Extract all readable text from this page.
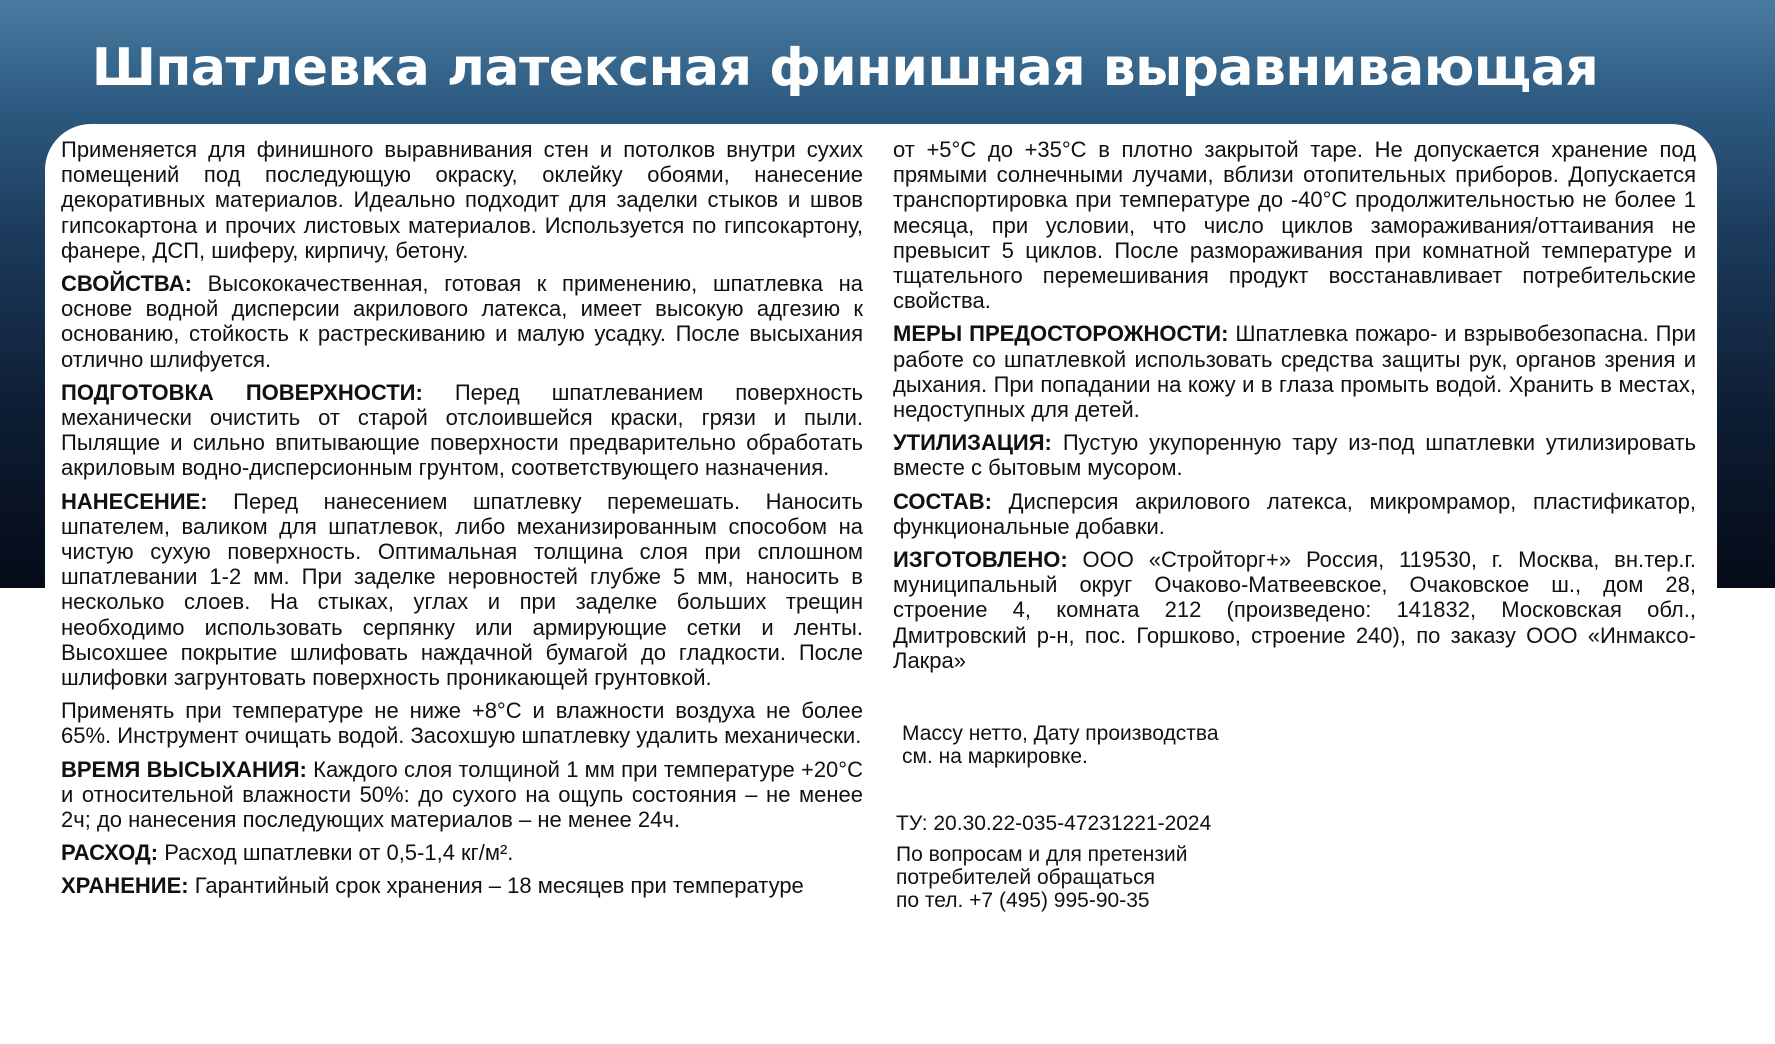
Шпатлевка латексная финишная выравнивающая

Применяется для финишного выравнивания стен и потолков внутри сухих помещений под последующую окраску, оклейку обоями, нанесение декоративных материалов. Идеально подходит для заделки стыков и швов гипсокартона и прочих листовых материалов. Используется по гипсокартону, фанере, ДСП, шиферу, кирпичу, бетону.

СВОЙСТВА: Высококачественная, готовая к применению, шпатлевка на основе водной дисперсии акрилового латекса, имеет высокую адгезию к основанию, стойкость к растрескиванию и малую усадку. После высыхания отлично шлифуется.

ПОДГОТОВКА ПОВЕРХНОСТИ: Перед шпатлеванием поверхность механически очистить от старой отслоившейся краски, грязи и пыли. Пылящие и сильно впитывающие поверхности предварительно обработать акриловым водно-дисперсионным грунтом, соответствующего назначения.

НАНЕСЕНИЕ: Перед нанесением шпатлевку перемешать. Наносить шпателем, валиком для шпатлевок, либо механизированным способом на чистую сухую поверхность. Оптимальная толщина слоя при сплошном шпатлевании 1-2 мм. При заделке неровностей глубже 5 мм, наносить в несколько слоев. На стыках, углах и при заделке больших трещин необходимо использовать серпянку или армирующие сетки и ленты. Высохшее покрытие шлифовать наждачной бумагой до гладкости. После шлифовки загрунтовать поверхность проникающей грунтовкой.

Применять при температуре не ниже +8°С и влажности воздуха не более 65%. Инструмент очищать водой. Засохшую шпатлевку удалить механически.

ВРЕМЯ ВЫСЫХАНИЯ: Каждого слоя толщиной 1 мм при температуре +20°С и относительной влажности 50%: до сухого на ощупь состояния – не менее 2ч; до нанесения последующих материалов – не менее 24ч.

РАСХОД: Расход шпатлевки от 0,5-1,4 кг/м².

ХРАНЕНИЕ: Гарантийный срок хранения – 18 месяцев при температуре

от +5°С до +35°С в плотно закрытой таре. Не допускается хранение под прямыми солнечными лучами, вблизи отопительных приборов. Допускается транспортировка при температуре до -40°С продолжительностью не более 1 месяца, при условии, что число циклов замораживания/оттаивания не превысит 5 циклов. После размораживания при комнатной температуре и тщательного перемешивания продукт восстанавливает потребительские свойства.

МЕРЫ ПРЕДОСТОРОЖНОСТИ: Шпатлевка пожаро- и взрывобезопасна. При работе со шпатлевкой использовать средства защиты рук, органов зрения и дыхания. При попадании на кожу и в глаза промыть водой. Хранить в местах, недоступных для детей.

УТИЛИЗАЦИЯ: Пустую укупоренную тару из-под шпатлевки утилизировать вместе с бытовым мусором.

СОСТАВ: Дисперсия акрилового латекса, микромрамор, пластификатор, функциональные добавки.

ИЗГОТОВЛЕНО: ООО «Стройторг+» Россия, 119530, г. Москва, вн.тер.г. муниципальный округ Очаково-Матвеевское, Очаковское ш., дом 28, строение 4, комната 212 (произведено: 141832, Московская обл., Дмитровский р-н, пос. Горшково, строение 240), по заказу ООО «Инмаксо-Лакра»

Массу нетто, Дату производства
см. на маркировке.
ТУ: 20.30.22-035-47231221-2024
По вопросам и для претензий
потребителей обращаться
по тел. +7 (495) 995-90-35
